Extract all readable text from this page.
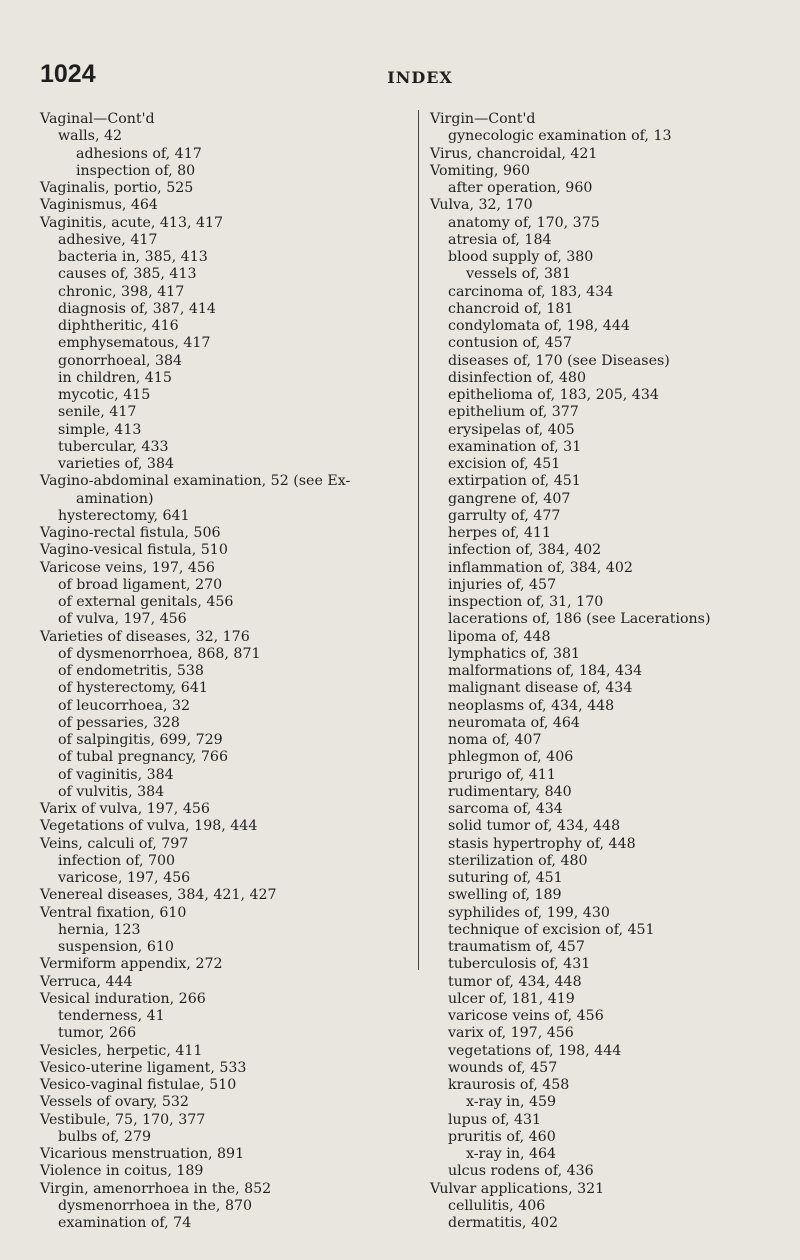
1024	INDEX
Vaginal—Cont'd
walls, 42
adhesions of, 417
inspection of, 80
Vaginalis, portio, 525
Vaginismus, 464
Vaginitis, acute, 413, 417
adhesive, 417
bacteria in, 385, 413
causes of, 385, 413
chronic, 398, 417
diagnosis of, 387, 414
diphtheritic, 416
emphysematous, 417
gonorrhoeal, 384
in children, 415
mycotic, 415
senile, 417
simple, 413
tubercular, 433
varieties of, 384
Vagino-abdominal examination, 52 (see Ex-
amination)
hysterectomy, 641
Vagino-rectal fistula, 506
Vagino-vesical fistula, 510
Varicose veins, 197, 456
of broad ligament, 270
of external genitals, 456
of vulva, 197, 456
Varieties of diseases, 32, 176
of dysmenorrhoea, 868, 871
of endometritis, 538
of hysterectomy, 641
of leucorrhoea, 32
of pessaries, 328
of salpingitis, 699, 729
of tubal pregnancy, 766
of vaginitis, 384
of vulvitis, 384
Varix of vulva, 197, 456
Vegetations of vulva, 198, 444
Veins, calculi of, 797
infection of, 700
varicose, 197, 456
Venereal diseases, 384, 421, 427
Ventral fixation, 610
hernia, 123
suspension, 610
Vermiform appendix, 272
Verruca, 444
Vesical induration, 266
tenderness, 41
tumor, 266
Vesicles, herpetic, 411
Vesico-uterine ligament, 533
Vesico-vaginal fistulae, 510
Vessels of ovary, 532
Vestibule, 75, 170, 377
bulbs of, 279
Vicarious menstruation, 891
Violence in coitus, 189
Virgin, amenorrhoea in the, 852
dysmenorrhoea in the, 870
examination of, 74
Virgin—Cont'd
gynecologic examination of, 13
Virus, chancroidal, 421
Vomiting, 960
after operation, 960
Vulva, 32, 170
anatomy of, 170, 375
atresia of, 184
blood supply of, 380
vessels of, 381
carcinoma of, 183, 434
chancroid of, 181
condylomata of, 198, 444
contusion of, 457
diseases of, 170 (see Diseases)
disinfection of, 480
epithelioma of, 183, 205, 434
epithelium of, 377
erysipelas of, 405
examination of, 31
excision of, 451
extirpation of, 451
gangrene of, 407
garrulty of, 477
herpes of, 411
infection of, 384, 402
inflammation of, 384, 402
injuries of, 457
inspection of, 31, 170
lacerations of, 186 (see Lacerations)
lipoma of, 448
lymphatics of, 381
malformations of, 184, 434
malignant disease of, 434
neoplasms of, 434, 448
neuromata of, 464
noma of, 407
phlegmon of, 406
prurigo of, 411
rudimentary, 840
sarcoma of, 434
solid tumor of, 434, 448
stasis hypertrophy of, 448
sterilization of, 480
suturing of, 451
swelling of, 189
syphilides of, 199, 430
technique of excision of, 451
traumatism of, 457
tuberculosis of, 431
tumor of, 434, 448
ulcer of, 181, 419
varicose veins of, 456
varix of, 197, 456
vegetations of, 198, 444
wounds of, 457
kraurosis of, 458
x-ray in, 459
lupus of, 431
pruritis of, 460
x-ray in, 464
ulcus rodens of, 436
Vulvar applications, 321
cellulitis, 406
dermatitis, 402
